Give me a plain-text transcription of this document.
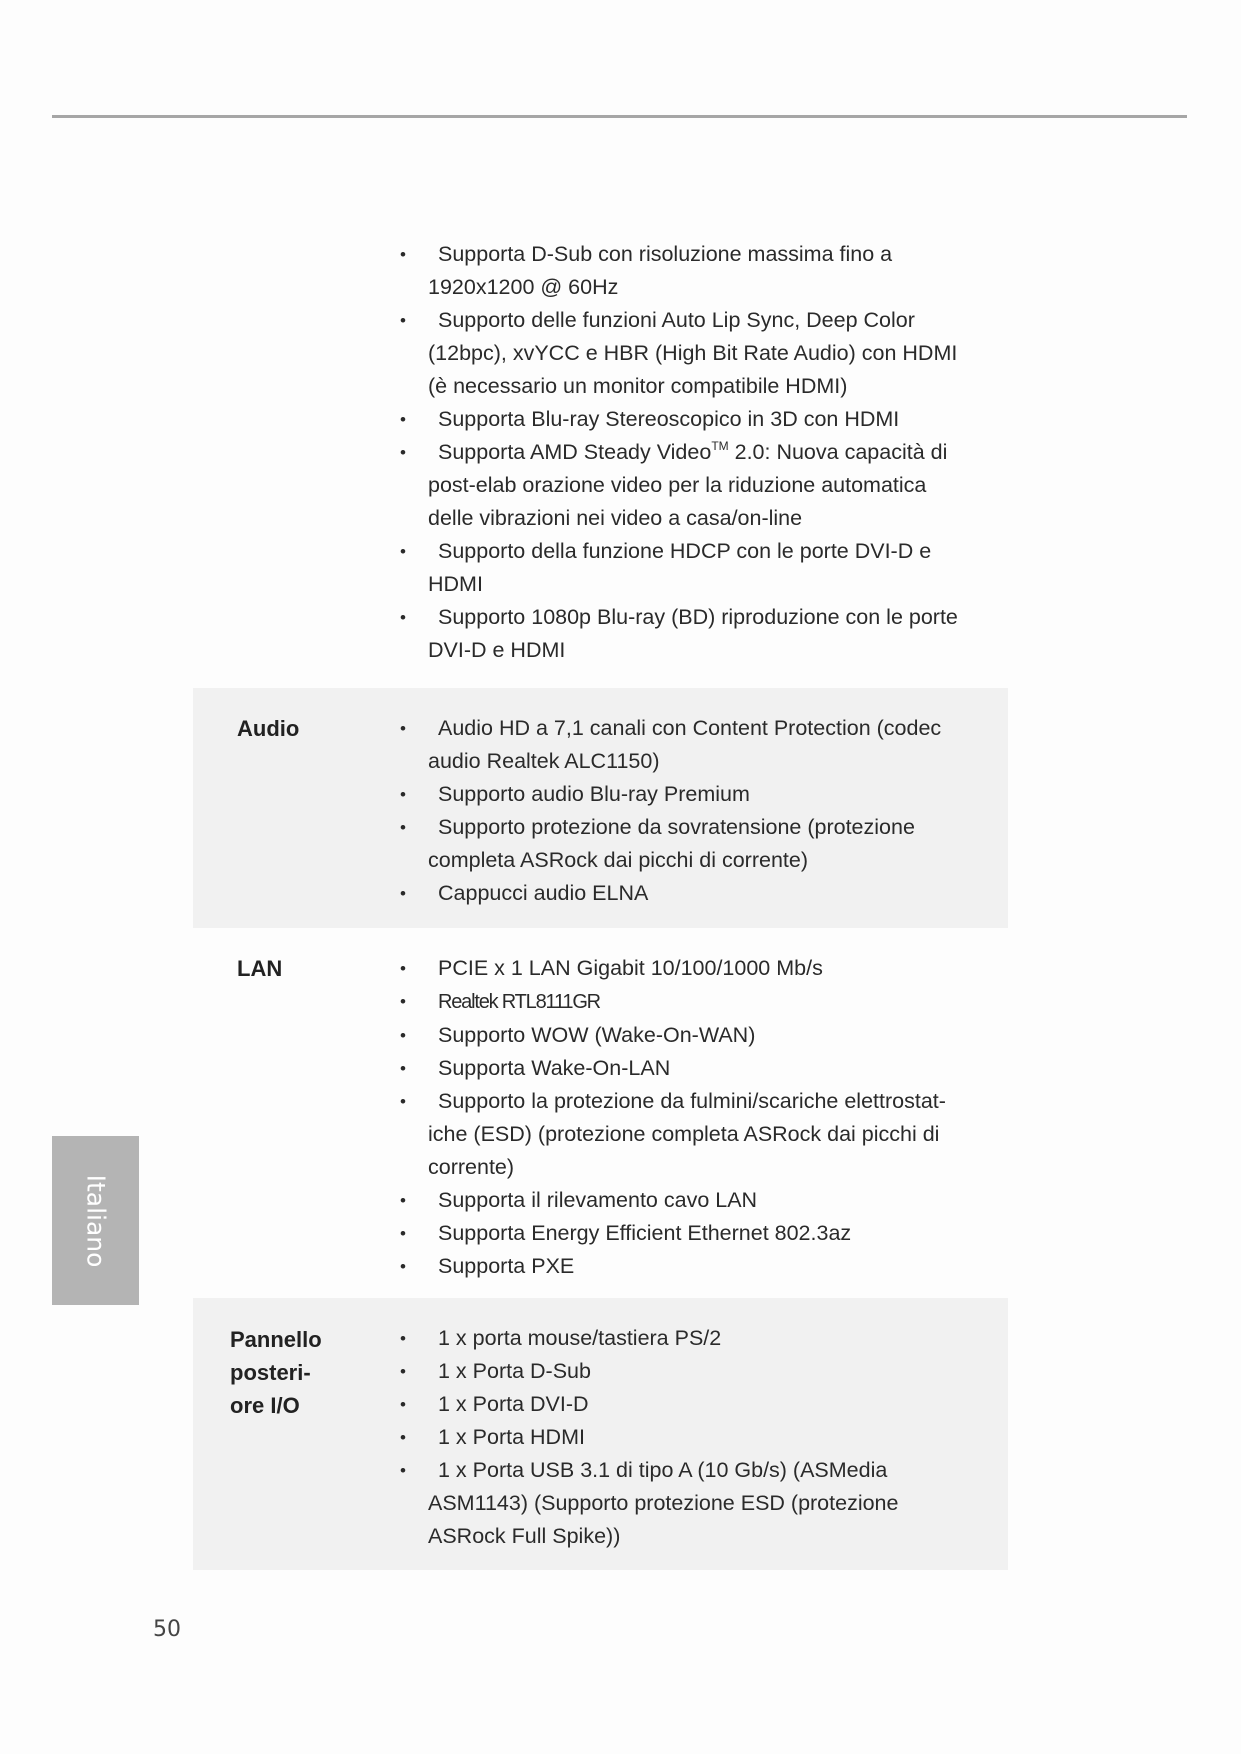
• Supporta D-Sub con risoluzione massima fino a 1920x1200 @ 60Hz
• Supporto delle funzioni Auto Lip Sync, Deep Color (12bpc), xvYCC e HBR (High Bit Rate Audio) con HDMI (è necessario un monitor compatibile HDMI)
• Supporta Blu-ray Stereoscopico in 3D con HDMI
• Supporta AMD Steady Video™ 2.0: Nuova capacità di post-elab orazione video per la riduzione automatica delle vibrazioni nei video a casa/on-line
• Supporto della funzione HDCP con le porte DVI-D e HDMI
• Supporto 1080p Blu-ray (BD) riproduzione con le porte DVI-D e HDMI
Audio	• Audio HD a 7,1 canali con Content Protection (codec audio Realtek ALC1150)
• Supporto audio Blu-ray Premium
• Supporto protezione da sovratensione (protezione completa ASRock dai picchi di corrente)
• Cappucci audio ELNA
LAN	• PCIE x 1 LAN Gigabit 10/100/1000 Mb/s
• Realtek RTL8111GR
• Supporto WOW (Wake-On-WAN)
• Supporta Wake-On-LAN
• Supporto la protezione da fulmini/scariche elettrostat-iche (ESD) (protezione completa ASRock dai picchi di corrente)
• Supporta il rilevamento cavo LAN
• Supporta Energy Efficient Ethernet 802.3az
• Supporta PXE
Pannello
posteri-
ore I/O
• 1 x porta mouse/tastiera PS/2
• 1 x Porta D-Sub
• 1 x Porta DVI-D
• 1 x Porta HDMI
• 1 x Porta USB 3.1 di tipo A (10 Gb/s) (ASMedia ASM1143) (Supporto protezione ESD (protezione ASRock Full Spike))
Italiano
50
